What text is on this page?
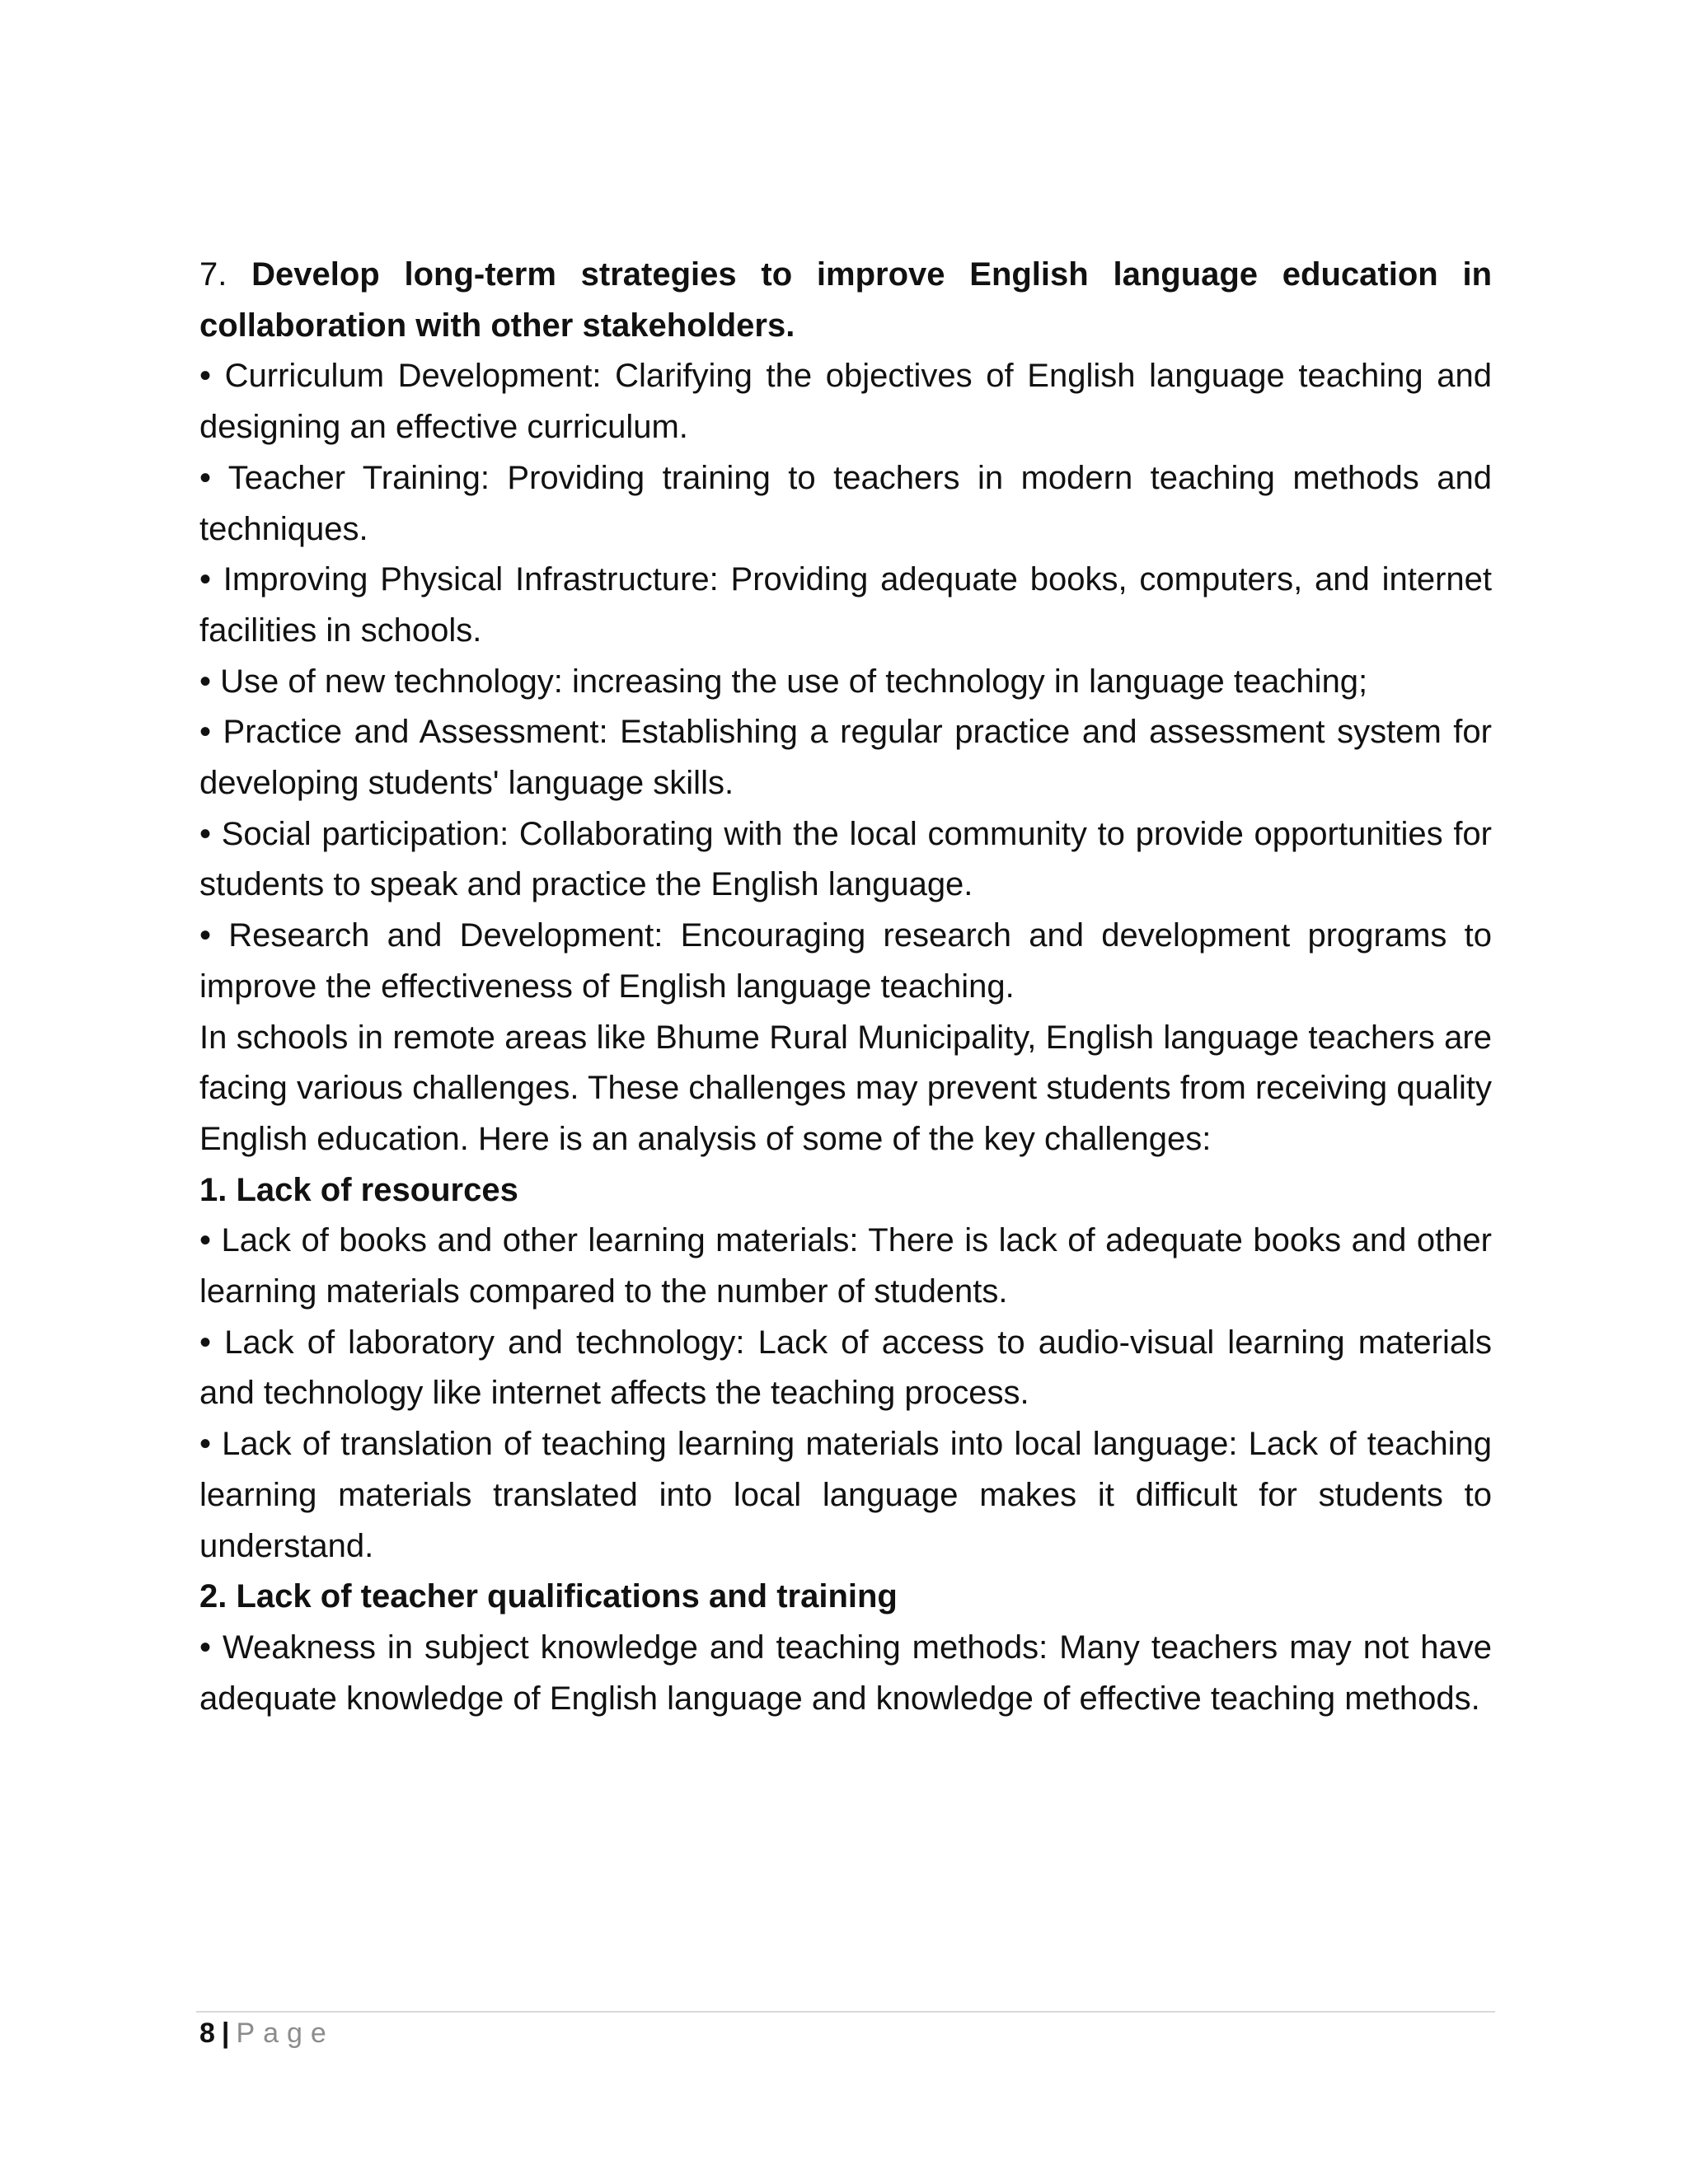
7. Develop long-term strategies to improve English language education in collaboration with other stakeholders.

• Curriculum Development: Clarifying the objectives of English language teaching and designing an effective curriculum.

• Teacher Training: Providing training to teachers in modern teaching methods and techniques.

• Improving Physical Infrastructure: Providing adequate books, computers, and internet facilities in schools.

• Use of new technology: increasing the use of technology in language teaching;

• Practice and Assessment: Establishing a regular practice and assessment system for developing students' language skills.

• Social participation: Collaborating with the local community to provide opportunities for students to speak and practice the English language.

• Research and Development: Encouraging research and development programs to improve the effectiveness of English language teaching.

In schools in remote areas like Bhume Rural Municipality, English language teachers are facing various challenges. These challenges may prevent students from receiving quality English education. Here is an analysis of some of the key challenges:

1. Lack of resources

• Lack of books and other learning materials: There is lack of adequate books and other learning materials compared to the number of students.

• Lack of laboratory and technology: Lack of access to audio-visual learning materials and technology like internet affects the teaching process.

• Lack of translation of teaching learning materials into local language: Lack of teaching learning materials translated into local language makes it difficult for students to understand.

2. Lack of teacher qualifications and training

• Weakness in subject knowledge and teaching methods: Many teachers may not have adequate knowledge of English language and knowledge of effective teaching methods.

8 | Page
